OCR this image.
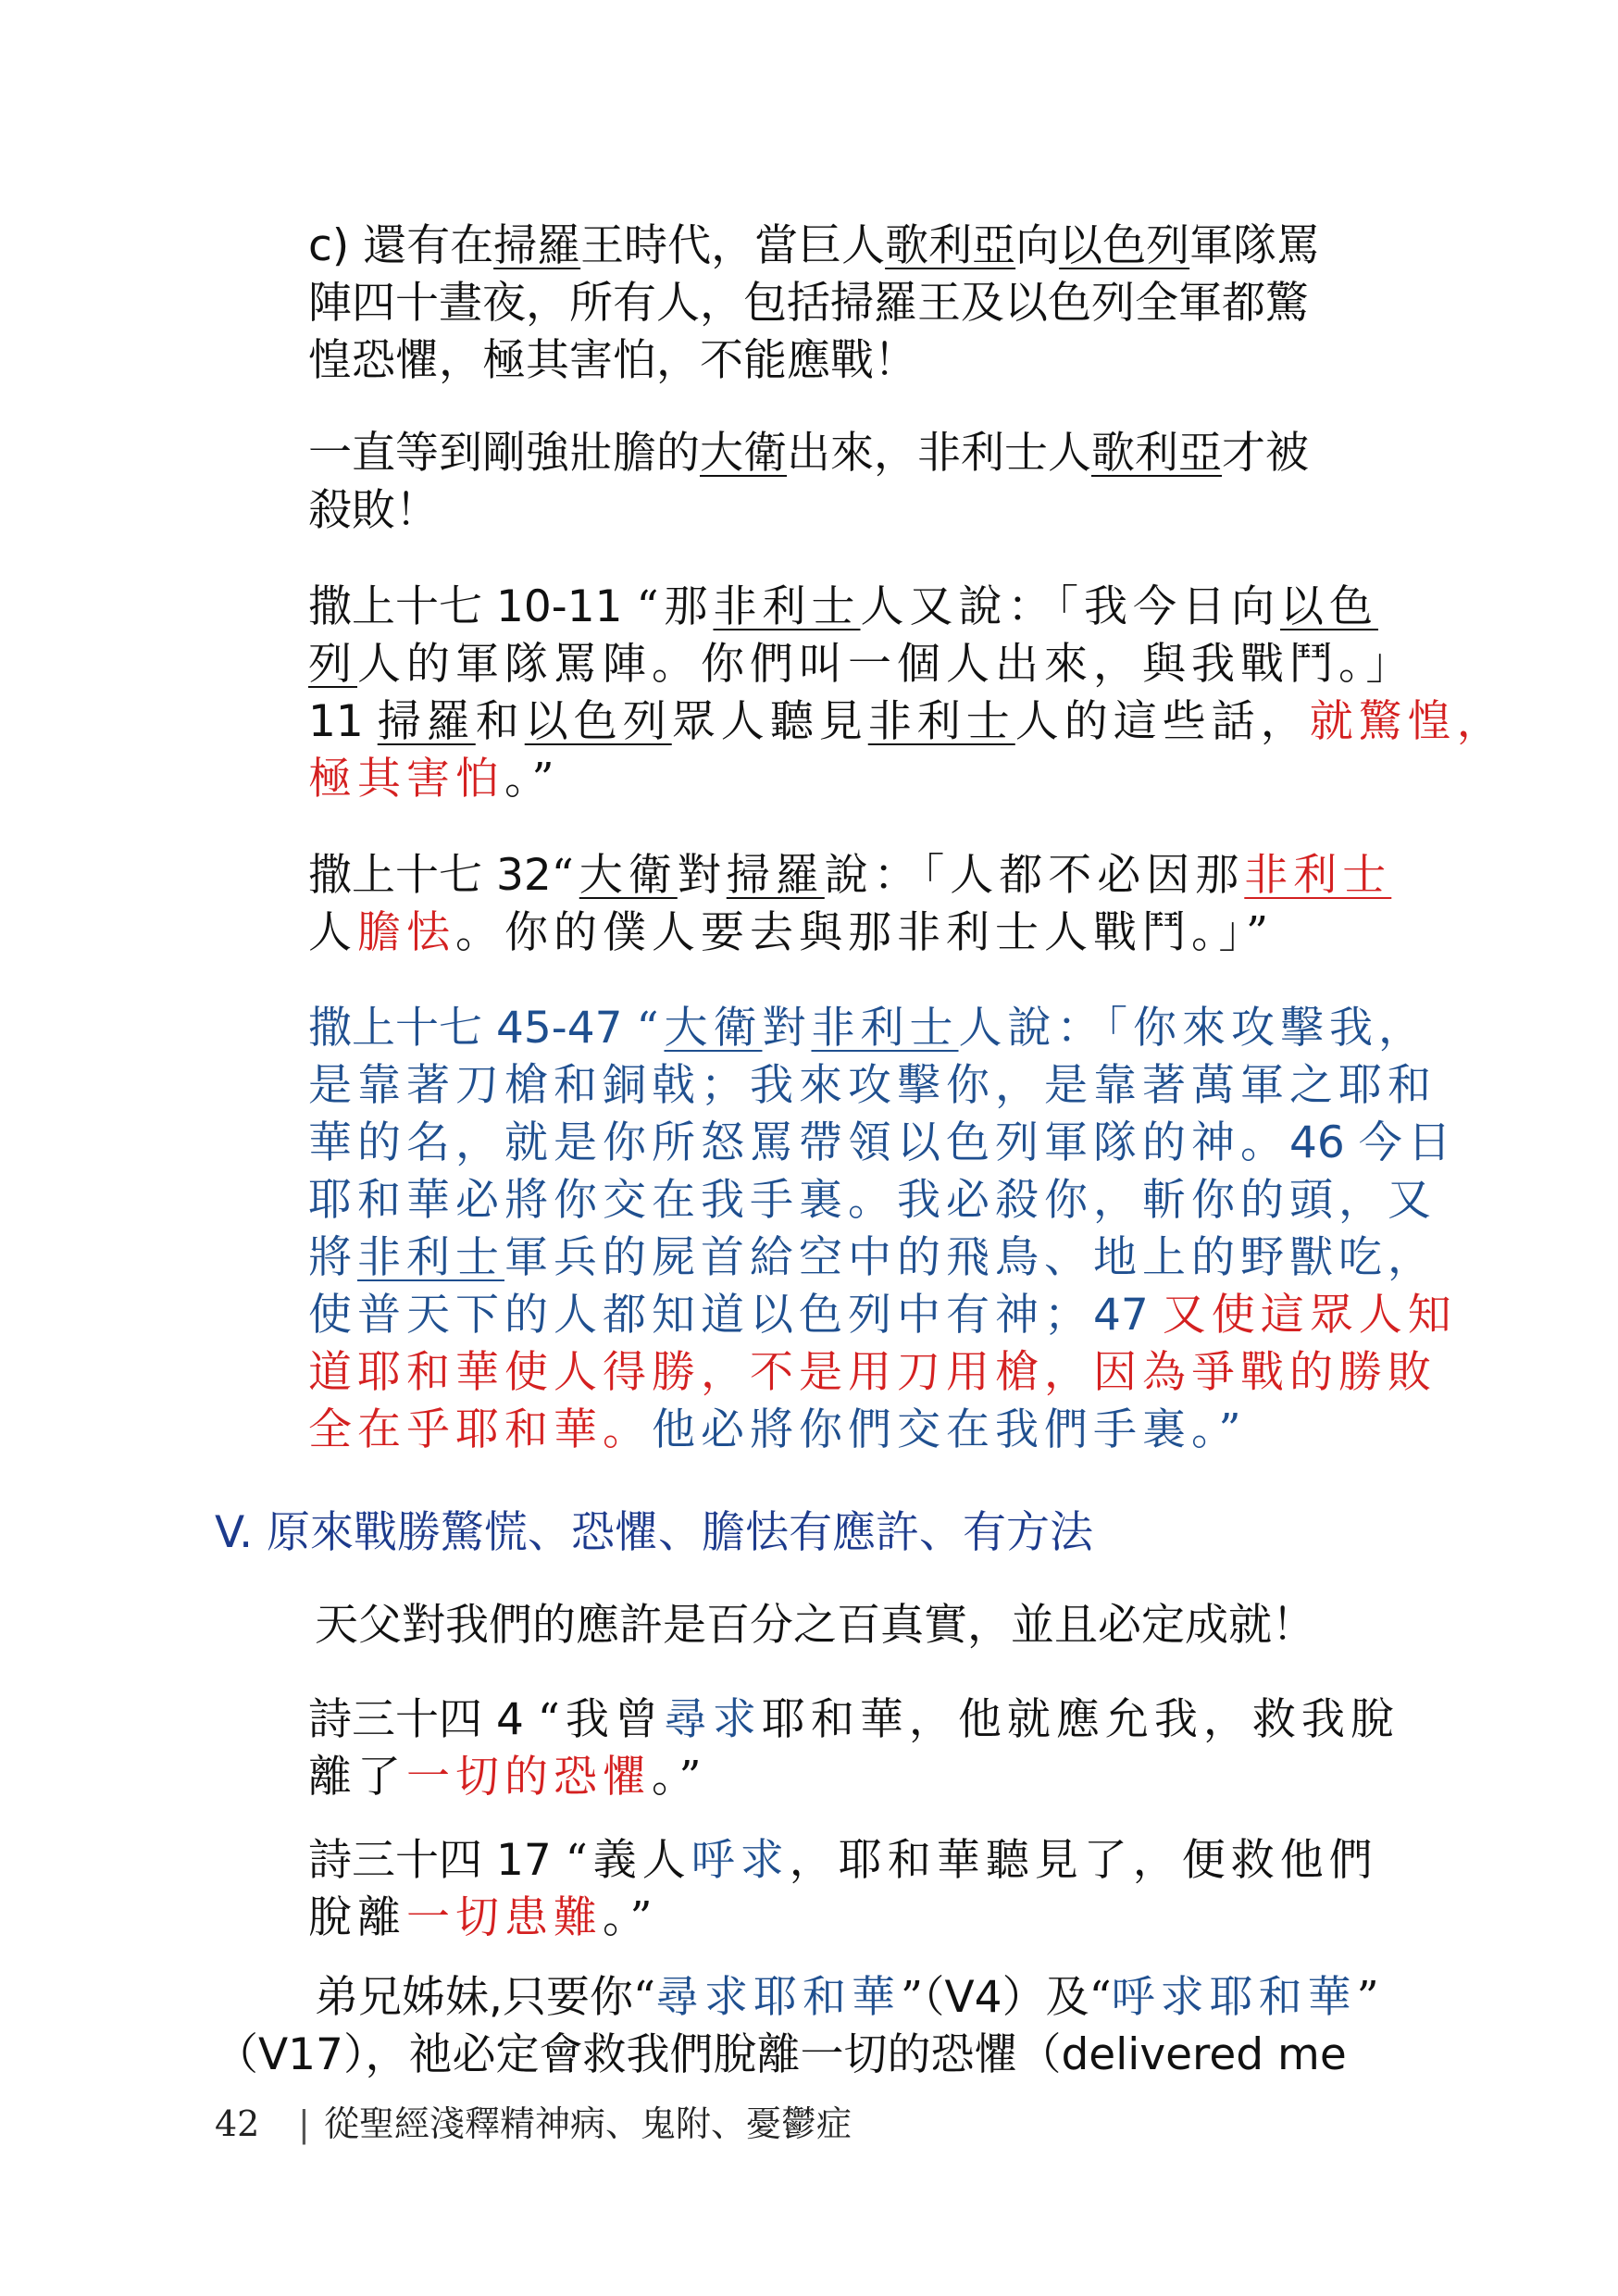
c) 還有在掃羅王時代，當巨人歌利亞向以色列軍隊罵
陣四十晝夜，所有人，包括掃羅王及以色列全軍都驚
惶恐懼，極其害怕，不能應戰！
一直等到剛強壯膽的大衛出來，非利士人歌利亞才被
殺敗！
撒上十七 10-11 “那非利士人又說：「我今日向以色
列人的軍隊罵陣。你們叫一個人出來，與我戰鬥。」
11 掃羅和以色列眾人聽見非利士人的這些話，就驚惶，
極其害怕。”
撒上十七 32“大衛對掃羅說：「人都不必因那非利士
人膽怯。你的僕人要去與那非利士人戰鬥。」”
撒上十七 45-47 “大衛對非利士人說：「你來攻擊我，
是靠著刀槍和銅戟；我來攻擊你，是靠著萬軍之耶和
華的名，就是你所怒罵帶領以色列軍隊的神。46 今日
耶和華必將你交在我手裏。我必殺你，斬你的頭，又
將非利士軍兵的屍首給空中的飛鳥、地上的野獸吃，
使普天下的人都知道以色列中有神；47 又使這眾人知
道耶和華使人得勝，不是用刀用槍，因為爭戰的勝敗
全在乎耶和華。他必將你們交在我們手裏。”
V. 原來戰勝驚慌、恐懼、膽怯有應許、有方法
天父對我們的應許是百分之百真實，並且必定成就！
詩三十四 4 “我曾尋求耶和華，他就應允我，救我脫
離了一切的恐懼。”
詩三十四 17 “義人呼求，耶和華聽見了，便救他們
脫離一切患難。”
弟兄姊妹,只要你“尋求耶和華”（V4）及“呼求耶和華”
（V17），祂必定會救我們脫離一切的恐懼（delivered me
42 | 從聖經淺釋精神病、鬼附、憂鬱症
